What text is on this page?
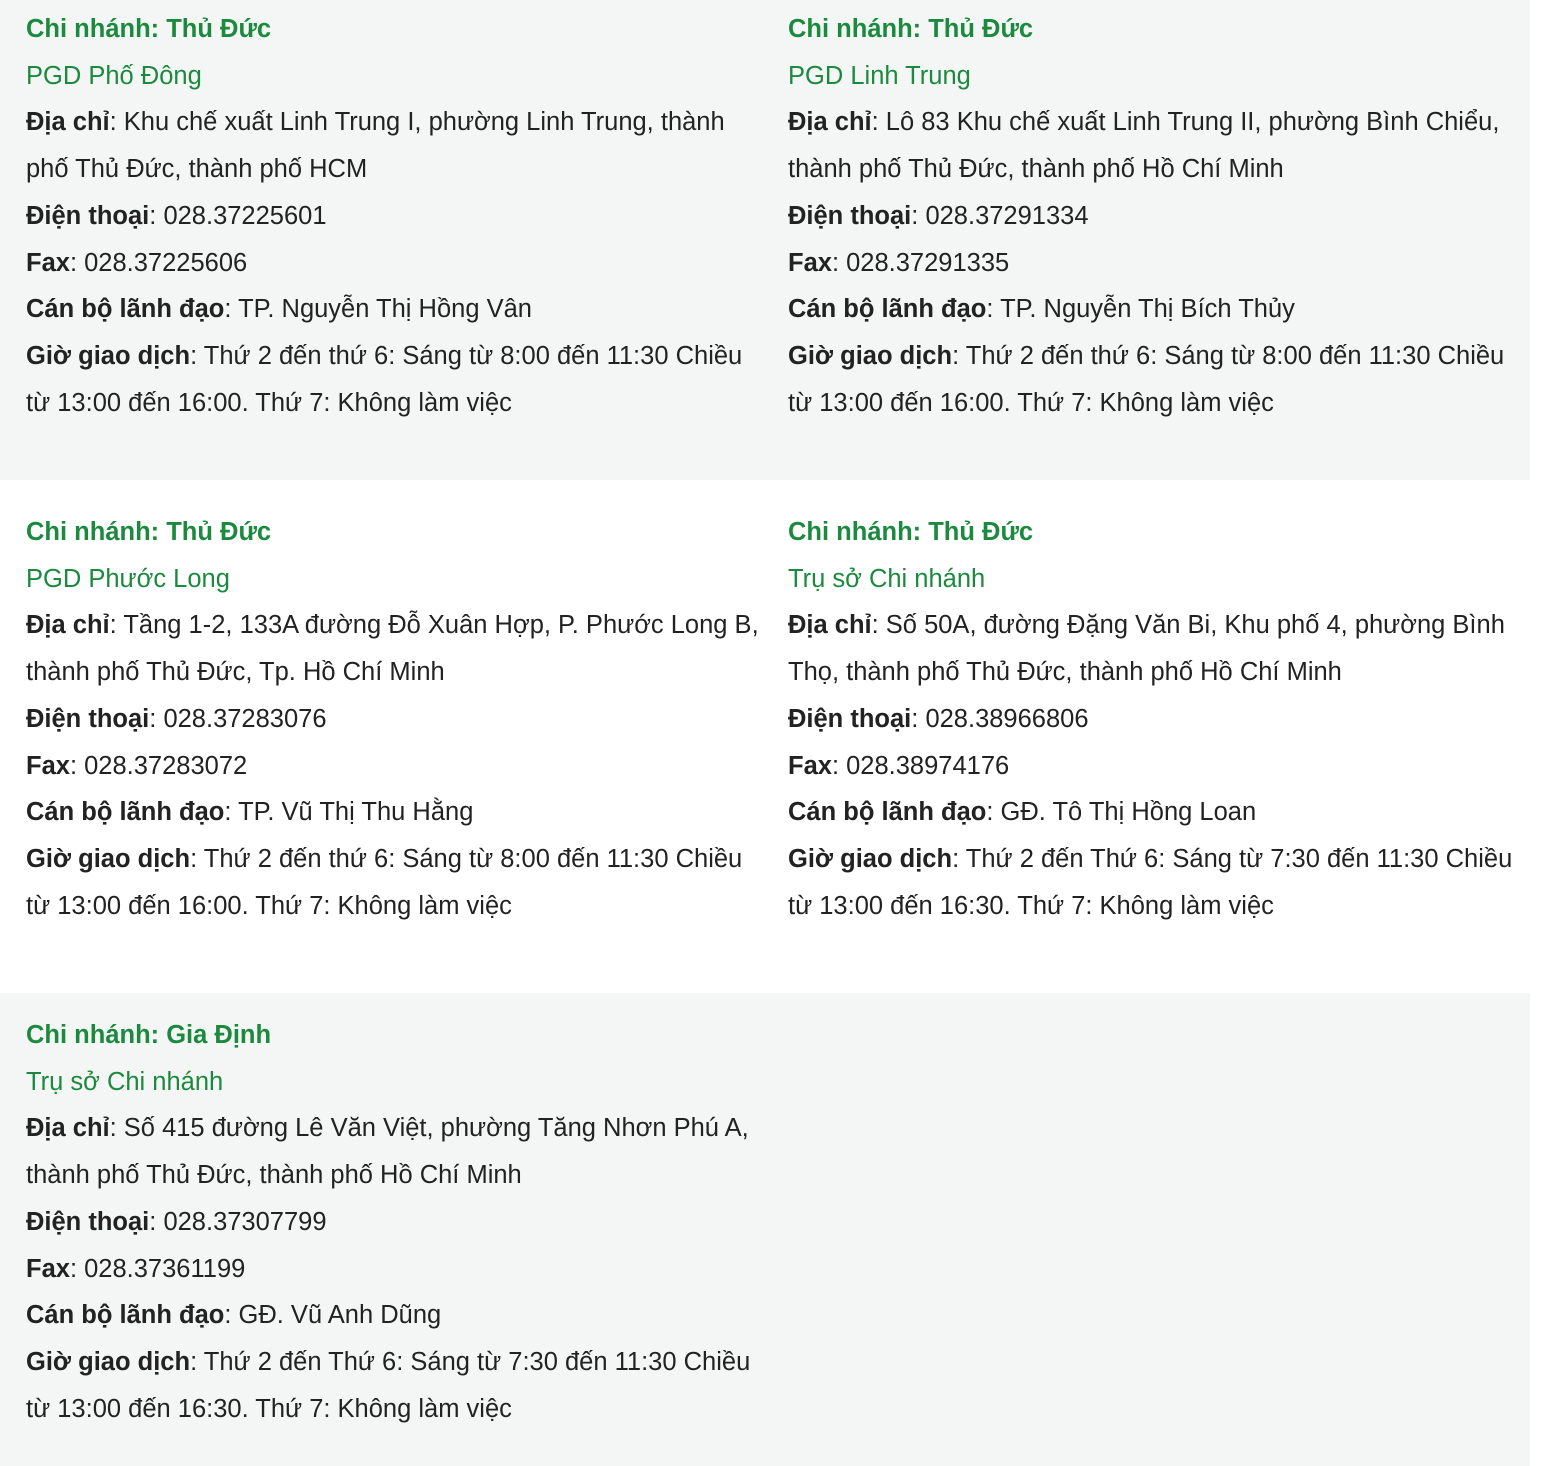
Chi nhánh: Thủ Đức

PGD Phố Đông

Địa chỉ: Khu chế xuất Linh Trung I, phường Linh Trung, thành phố Thủ Đức, thành phố HCM

Điện thoại: 028.37225601

Fax: 028.37225606

Cán bộ lãnh đạo: TP. Nguyễn Thị Hồng Vân

Giờ giao dịch: Thứ 2 đến thứ 6: Sáng từ 8:00 đến 11:30 Chiều từ 13:00 đến 16:00. Thứ 7: Không làm việc

Chi nhánh: Thủ Đức

PGD Linh Trung

Địa chỉ: Lô 83 Khu chế xuất Linh Trung II, phường Bình Chiểu, thành phố Thủ Đức, thành phố Hồ Chí Minh

Điện thoại: 028.37291334

Fax: 028.37291335

Cán bộ lãnh đạo: TP. Nguyễn Thị Bích Thủy

Giờ giao dịch: Thứ 2 đến thứ 6: Sáng từ 8:00 đến 11:30 Chiều từ 13:00 đến 16:00. Thứ 7: Không làm việc

Chi nhánh: Thủ Đức

PGD Phước Long

Địa chỉ: Tầng 1-2, 133A đường Đỗ Xuân Hợp, P. Phước Long B, thành phố Thủ Đức, Tp. Hồ Chí Minh

Điện thoại: 028.37283076

Fax: 028.37283072

Cán bộ lãnh đạo: TP. Vũ Thị Thu Hằng

Giờ giao dịch: Thứ 2 đến thứ 6: Sáng từ 8:00 đến 11:30 Chiều từ 13:00 đến 16:00. Thứ 7: Không làm việc

Chi nhánh: Thủ Đức

Trụ sở Chi nhánh

Địa chỉ: Số 50A, đường Đặng Văn Bi, Khu phố 4, phường Bình Thọ, thành phố Thủ Đức, thành phố Hồ Chí Minh

Điện thoại: 028.38966806

Fax: 028.38974176

Cán bộ lãnh đạo: GĐ. Tô Thị Hồng Loan

Giờ giao dịch: Thứ 2 đến Thứ 6: Sáng từ 7:30 đến 11:30 Chiều từ 13:00 đến 16:30. Thứ 7: Không làm việc

Chi nhánh: Gia Định

Trụ sở Chi nhánh

Địa chỉ: Số 415 đường Lê Văn Việt, phường Tăng Nhơn Phú A, thành phố Thủ Đức, thành phố Hồ Chí Minh

Điện thoại: 028.37307799

Fax: 028.37361199

Cán bộ lãnh đạo: GĐ. Vũ Anh Dũng

Giờ giao dịch: Thứ 2 đến Thứ 6: Sáng từ 7:30 đến 11:30 Chiều từ 13:00 đến 16:30. Thứ 7: Không làm việc
